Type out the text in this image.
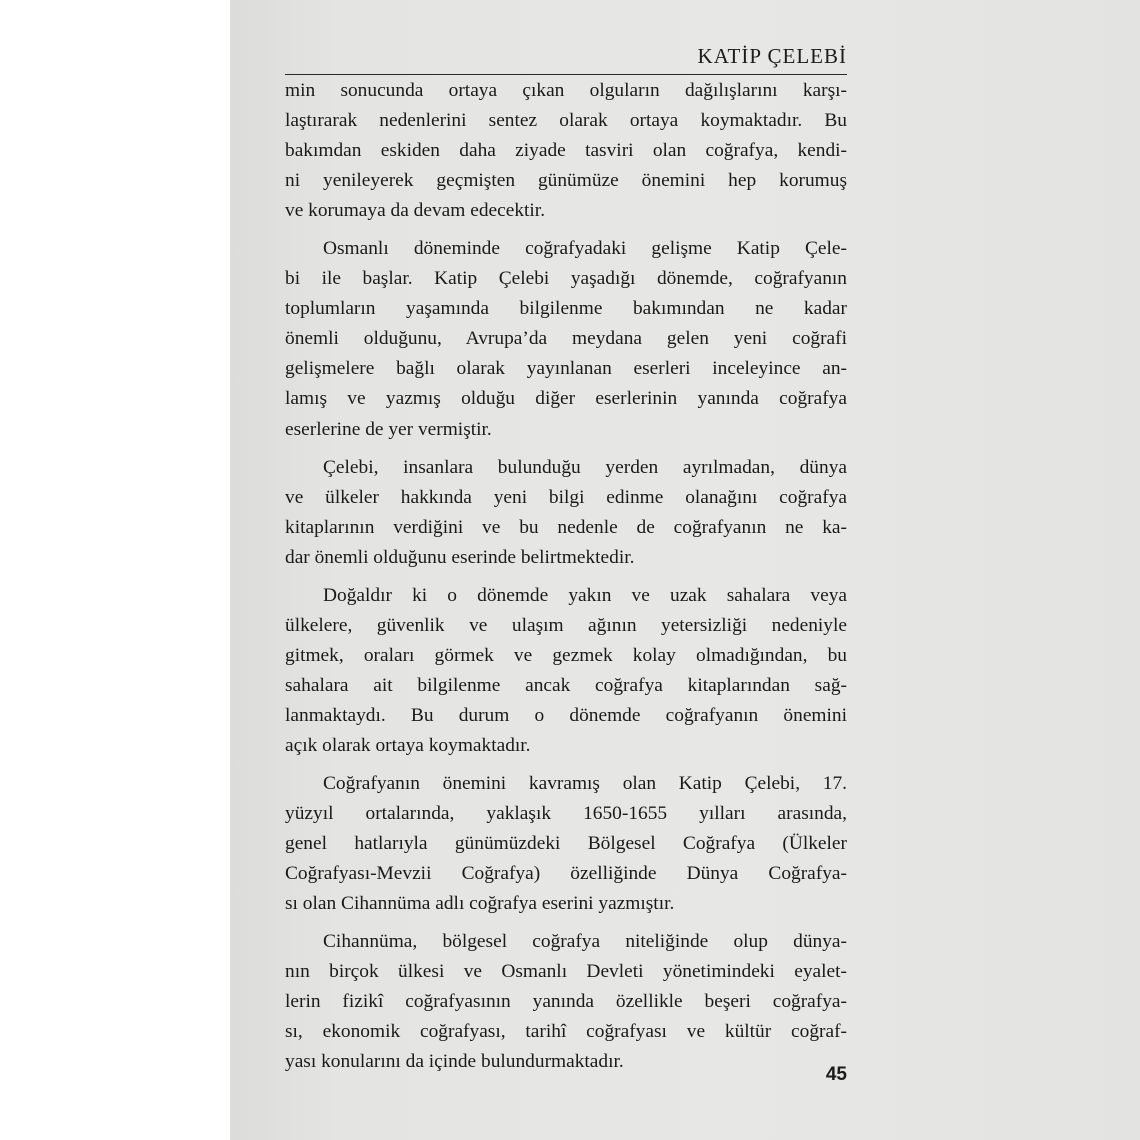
KATİP ÇELEBİ
min sonucunda ortaya çıkan olguların dağılışlarını karşı-
laştırarak nedenlerini sentez olarak ortaya koymaktadır. Bu
bakımdan eskiden daha ziyade tasviri olan coğrafya, kendi-
ni yenileyerek geçmişten günümüze önemini hep korumuş
ve korumaya da devam edecektir.
Osmanlı döneminde coğrafyadaki gelişme Katip Çele-
bi ile başlar. Katip Çelebi yaşadığı dönemde, coğrafyanın
toplumların yaşamında bilgilenme bakımından ne kadar
önemli olduğunu, Avrupa’da meydana gelen yeni coğrafi
gelişmelere bağlı olarak yayınlanan eserleri inceleyince an-
lamış ve yazmış olduğu diğer eserlerinin yanında coğrafya
eserlerine de yer vermiştir.
Çelebi, insanlara bulunduğu yerden ayrılmadan, dünya
ve ülkeler hakkında yeni bilgi edinme olanağını coğrafya
kitaplarının verdiğini ve bu nedenle de coğrafyanın ne ka-
dar önemli olduğunu eserinde belirtmektedir.
Doğaldır ki o dönemde yakın ve uzak sahalara veya
ülkelere, güvenlik ve ulaşım ağının yetersizliği nedeniyle
gitmek, oraları görmek ve gezmek kolay olmadığından, bu
sahalara ait bilgilenme ancak coğrafya kitaplarından sağ-
lanmaktaydı. Bu durum o dönemde coğrafyanın önemini
açık olarak ortaya koymaktadır.
Coğrafyanın önemini kavramış olan Katip Çelebi, 17.
yüzyıl ortalarında, yaklaşık 1650-1655 yılları arasında,
genel hatlarıyla günümüzdeki Bölgesel Coğrafya (Ülkeler
Coğrafyası-Mevzii Coğrafya) özelliğinde Dünya Coğrafya-
sı olan Cihannüma adlı coğrafya eserini yazmıştır.
Cihannüma, bölgesel coğrafya niteliğinde olup dünya-
nın birçok ülkesi ve Osmanlı Devleti yönetimindeki eyalet-
lerin fizikî coğrafyasının yanında özellikle beşeri coğrafya-
sı, ekonomik coğrafyası, tarihî coğrafyası ve kültür coğraf-
yası konularını da içinde bulundurmaktadır.
45
